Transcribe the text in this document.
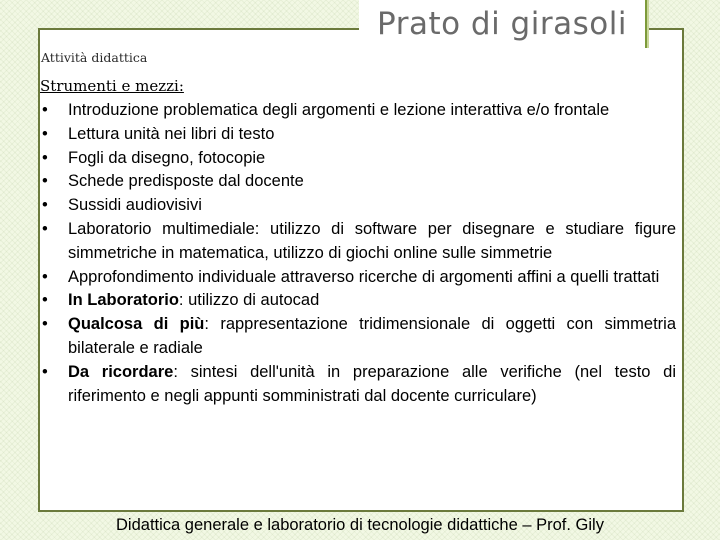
Prato di girasoli
Attività didattica
Strumenti e mezzi:
• Introduzione problematica degli argomenti e lezione interattiva e/o frontale
• Lettura unità nei libri di testo
• Fogli da disegno, fotocopie
• Schede predisposte dal docente
• Sussidi audiovisivi
• Laboratorio multimediale: utilizzo di software per disegnare e studiare figure simmetriche in matematica, utilizzo di giochi online sulle simmetrie
• Approfondimento individuale attraverso ricerche di argomenti affini a quelli trattati
• In Laboratorio: utilizzo di autocad
• Qualcosa di più: rappresentazione tridimensionale di oggetti con simmetria bilaterale e radiale
• Da ricordare: sintesi dell'unità in preparazione alle verifiche (nel testo di riferimento e negli appunti somministrati dal docente curriculare)
Didattica generale e laboratorio di tecnologie didattiche – Prof. Gily
